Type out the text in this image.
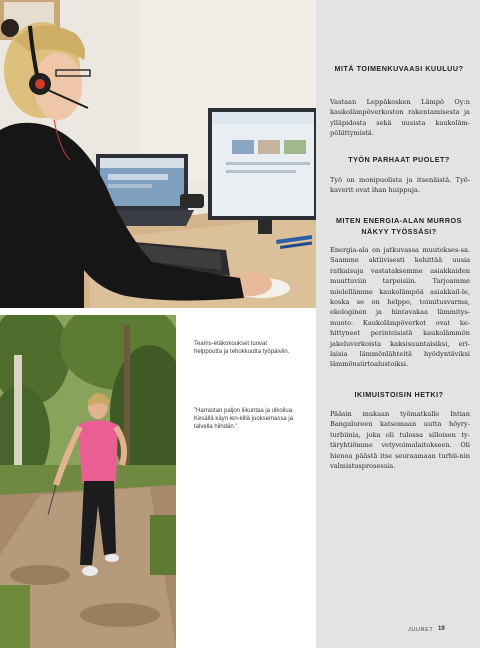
Teams-etäkokoukset tuovat helppoutta ja tehokkuutta työpäiviin.
”Harrastan paljon liikuntaa ja ulkoilua. Kesällä käyn len-killä juoksemassa ja talvella hiihdän.”
MITÄ TOIMENKUVAASI KUULUU?
Vastaan Leppäkosken Lämpö Oy:n kaukolämpöverkoston rakentamisesta ja ylläpidosta sekä uusista kaukoläm-pöliittymistä.
TYÖN PARHAAT PUOLET?
Työ on monipuolista ja itsenäistä. Työ-kaverit ovat ihan huippuja.
MITEN ENERGIA-ALAN MURROS NÄKYY TYÖSSÄSI?
Energia-ala on jatkuvassa muutokses-sa. Saamme aktiivisesti kehittää uusia ratkaisuja vastataksemme asiakkaiden muuttuviin tarpeisiin. Tarjoamme mielellämme kaukolämpöä asiakkail-le, koska se on helppo, toimitusvarma, ekologinen ja hintavakaa lämmitys-muoto. Kaukolämpöverkot ovat ke-hittyneet perinteisistä kaukolämmön jakeluverkoista kaksisuuntaisiksi, eri-laisia lämmönlähteitä hyödyntäviksi lämmönsiirtoalustoiksi.
IKIMUISTOISIN HETKI?
Pääsin mukaan työmatkalle Intian Bangaloreen katsomaan uutta höyry-turbiinia, joka oli tulossa silloisen ty-täryhtiömme vetyvoimalaitokseen. Oli hienoa päästä itse seuraamaan turbii-nin valmistusprosessia.
JUURET 19
